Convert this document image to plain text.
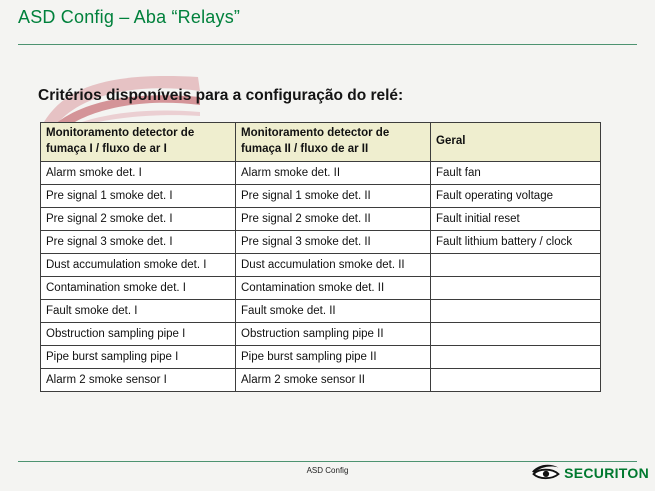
ASD Config – Aba “Relays”
Critérios disponíveis para a configuração do relé:
Monitoramento detector de fumaça I / fluxo de ar I	Monitoramento detector de fumaça II / fluxo de ar II	Geral
Alarm smoke det. I	Alarm smoke det. II	Fault fan
Pre signal 1 smoke det. I	Pre signal 1 smoke det. II	Fault operating voltage
Pre signal 2 smoke det. I	Pre signal 2 smoke det. II	Fault initial reset
Pre signal 3 smoke det. I	Pre signal 3 smoke det. II	Fault lithium battery / clock
Dust accumulation smoke det. I	Dust accumulation smoke det. II	
Contamination smoke det. I	Contamination smoke det. II	
Fault smoke det. I	Fault smoke det. II	
Obstruction sampling pipe I	Obstruction sampling pipe II	
Pipe burst sampling pipe I	Pipe burst sampling pipe II	
Alarm 2 smoke sensor I	Alarm 2 smoke sensor II	
ASD Config	SECURITON
